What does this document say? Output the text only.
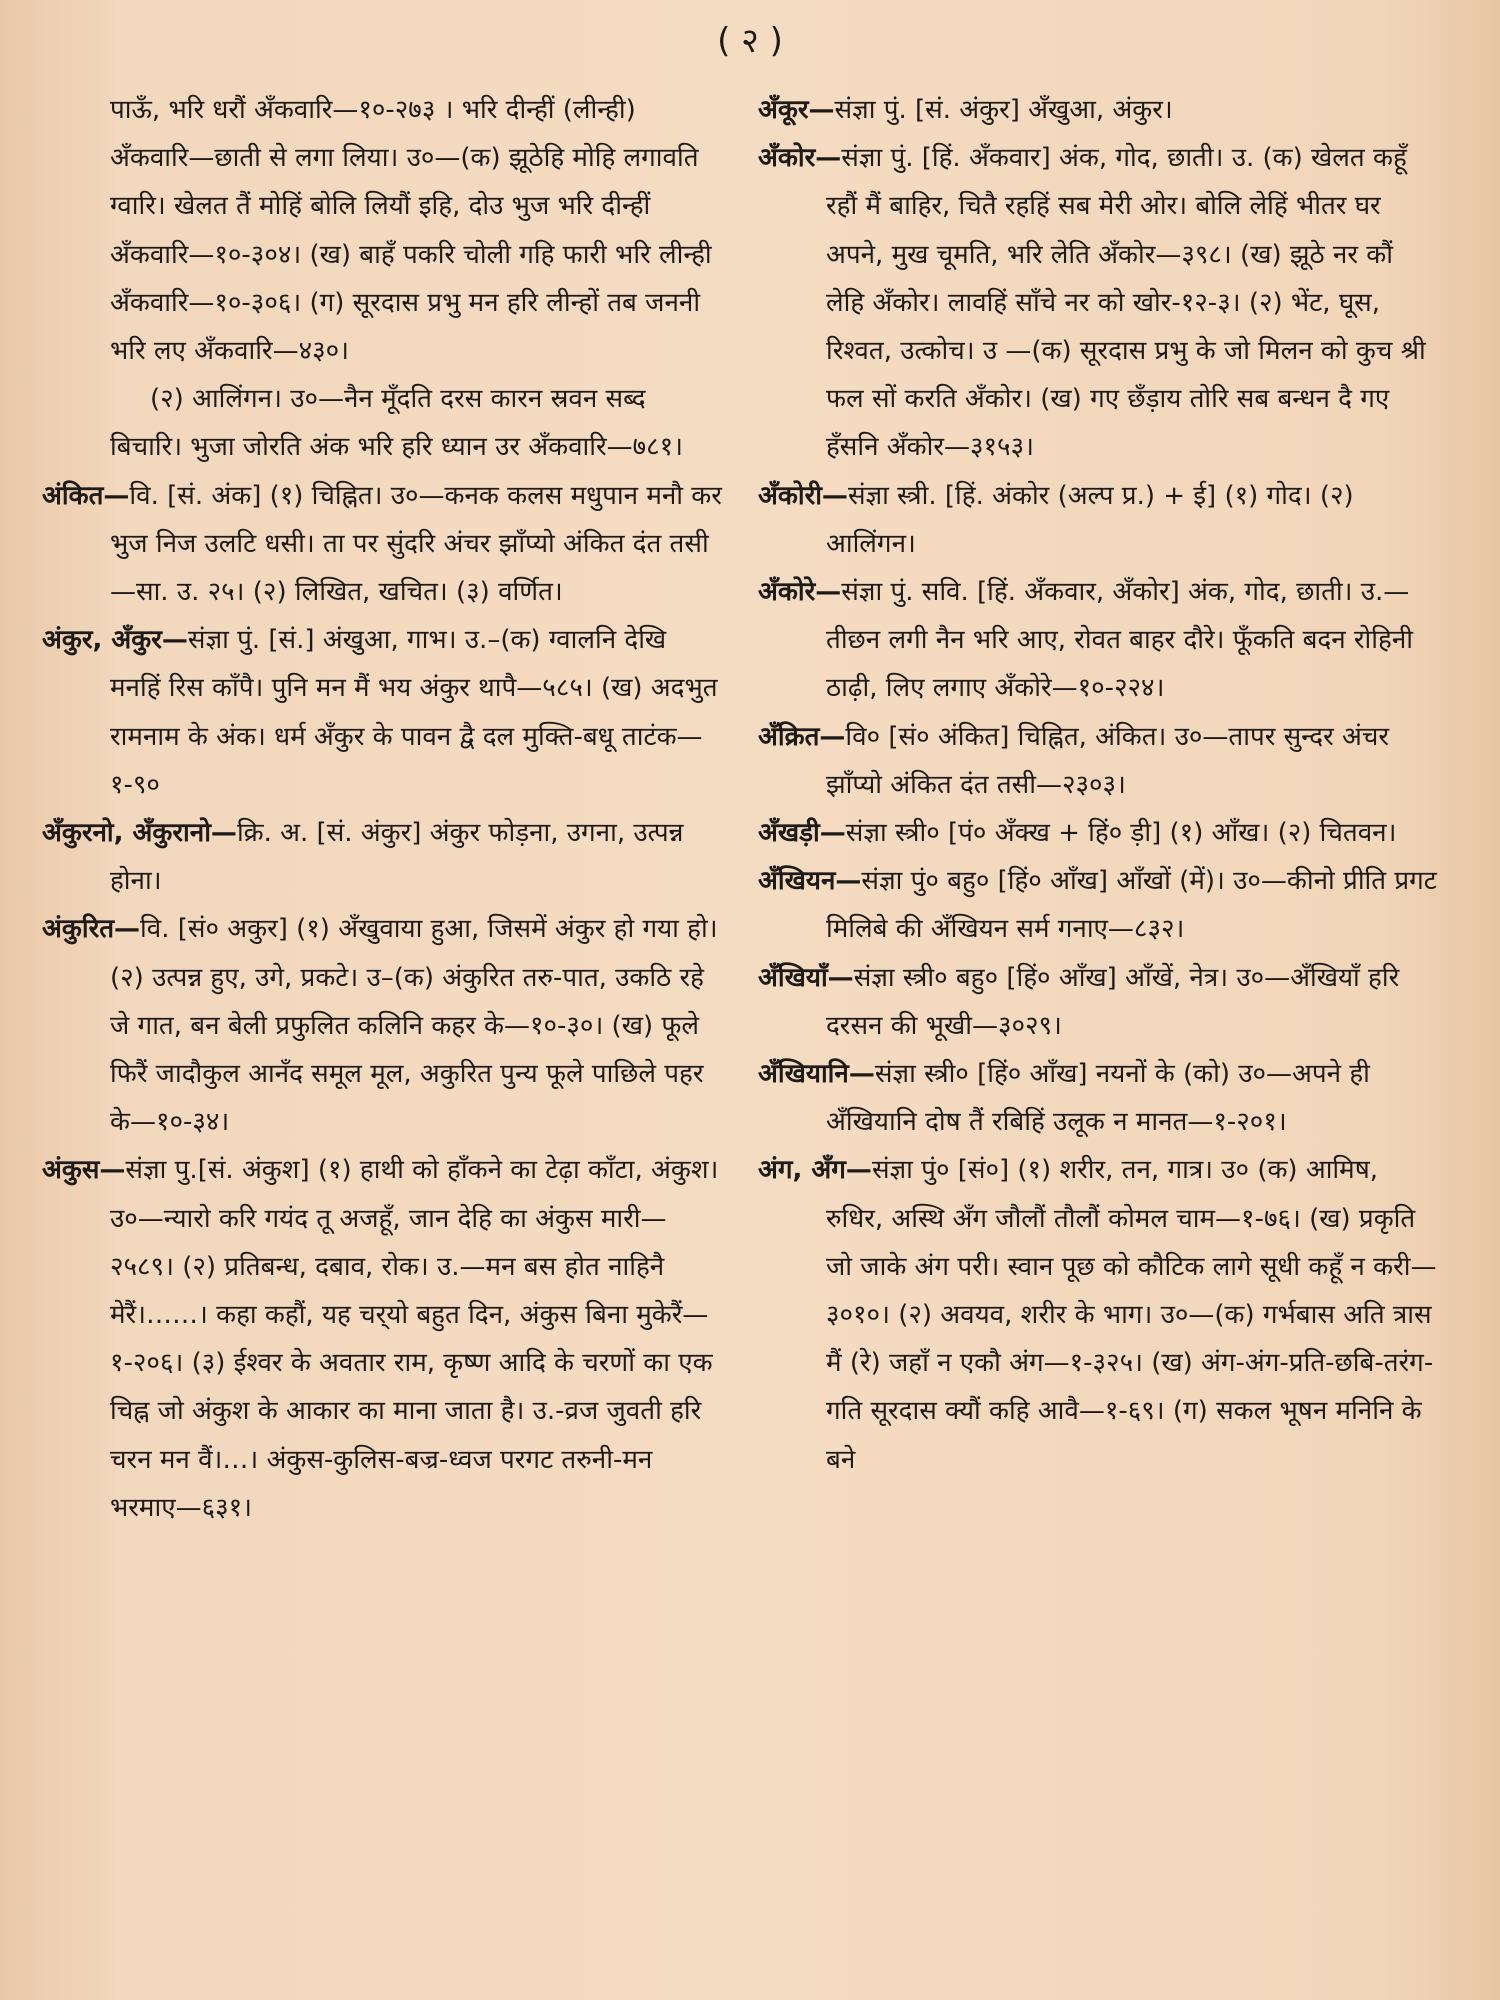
( २ )
पाऊँ, भरि धरौं अँकवारि—१०-२७३ । भरि दीन्हीं (लीन्ही) अँकवारि—छाती से लगा लिया। उ०—(क) झूठेहि मोहि लगावति ग्वारि। खेलत तैं मोहिं बोलि लियौं इहि, दोउ भुज भरि दीन्हीं अँकवारि—१०-३०४। (ख) बाहँ पकरि चोली गहि फारी भरि लीन्ही अँकवारि—१०-३०६। (ग) सूरदास प्रभु मन हरि लीन्हों तब जननी भरि लए अँकवारि—४३०।
(२) आलिंगन। उ०—नैन मूँदति दरस कारन स्रवन सब्द बिचारि। भुजा जोरति अंक भरि हरि ध्यान उर अँकवारि—७८१।
अंकित—वि. [सं. अंक] (१) चिह्नित। उ०—कनक कलस मधुपान मनौ कर भुज निज उलटि धसी। ता पर सुंदरि अंचर झाँप्यो अंकित दंत तसी—सा. उ. २५। (२) लिखित, खचित। (३) वर्णित।
अंकुर, अँकुर—संज्ञा पुं. [सं.] अंखुआ, गाभ। उ.–(क) ग्वालनि देखि मनहिं रिस काँपै। पुनि मन मैं भय अंकुर थापै—५८५। (ख) अदभुत रामनाम के अंक। धर्म अँकुर के पावन द्वै दल मुक्ति-बधू ताटंक—१-९०
अँकुरनो, अँकुरानो—क्रि. अ. [सं. अंकुर] अंकुर फोड़ना, उगना, उत्पन्न होना।
अंकुरित—वि. [सं० अकुर] (१) अँखुवाया हुआ, जिसमें अंकुर हो गया हो। (२) उत्पन्न हुए, उगे, प्रकटे। उ–(क) अंकुरित तरु-पात, उकठि रहे जे गात, बन बेली प्रफुलित कलिनि कहर के—१०-३०। (ख) फूले फिरैं जादौकुल आनँद समूल मूल, अकुरित पुन्य फूले पाछिले पहर के—१०-३४।
अंकुस—संज्ञा पु.[सं. अंकुश] (१) हाथी को हाँकने का टेढ़ा काँटा, अंकुश। उ०—न्यारो करि गयंद तू अजहूँ, जान देहि का अंकुस मा‍री—२५८९। (२) प्रतिबन्ध, दबाव, रोक। उ.—मन बस होत नाहिनै मेरैं।……। कहा कहौं, यह चर्‌यो बहुत दिन, अंकुस बिना मुकेरैं—१-२०६। (३) ईश्वर के अवतार राम, कृष्ण आदि के चरणों का एक चिह्न जो अंकुश के आकार का माना जाता है। उ.-व्रज जुवती हरि चरन मन वैं।…। अंकुस-कुलिस-बज्र-ध्वज परगट तरुनी-मन भरमाए—६३१।
अँकूर—संज्ञा पुं. [सं. अंकुर] अँखुआ, अंकुर।
अँकोर—संज्ञा पुं. [हिं. अँकवार] अंक, गोद, छाती। उ. (क) खेलत कहूँ रहौं मैं बाहिर, चितै रहहिं सब मेरी ओर। बोलि लेहिं भीतर घर अपने, मुख चूमति, भरि लेति अँकोर—३९८। (ख) झूठे नर कौं लेहि अँकोर। लावहिं साँचे नर को खोर-१२-३। (२) भेंट, घूस, रिश्वत, उत्कोच। उ —(क) सूरदास प्रभु के जो मिलन को कुच श्री फल सों करति अँकोर। (ख) गए छँड़ाय तोरि सब बन्धन दै गए हँसनि अँकोर—३१५३।
अँकोरी—संज्ञा स्त्री. [हिं. अंकोर (अल्प प्र.) + ई] (१) गोद। (२) आलिंगन।
अँकोरे—संज्ञा पुं. सवि. [हिं. अँकवार, अँकोर] अंक, गोद, छाती। उ.—तीछन लगी नैन भरि आए, रोवत बाहर दौरे। फूँकति बदन रोहिनी ठाढ़ी, लिए लगाए अँकोरे—१०-२२४।
अँक्रित—वि० [सं० अंकित] चिह्नित, अंकित। उ०—तापर सुन्दर अंचर झाँप्यो अंकित दंत तसी—२३०३।
अँखड़ी—संज्ञा स्त्री० [पं० अँक्ख + हिं० ड़ी] (१) आँख। (२) चितवन।
अँखियन—संज्ञा पुं० बहु० [हिं० आँख] आँखों (में)। उ०—कीनो प्रीति प्रगट मिलिबे की अँखियन सर्म गनाए—८३२।
अँखियाँ—संज्ञा स्त्री० बहु० [हिं० आँख] आँखें, नेत्र। उ०—अँखियाँ हरि दरसन की भूखी—३०२९।
अँखियानि—संज्ञा स्त्री० [हिं० आँख] नयनों के (को) उ०—अपने ही अँखियानि दोष तैं रबिहिं उलूक न मानत—१-२०१।
अंग, अँग—संज्ञा पुं० [सं०] (१) शरीर, तन, गात्र। उ० (क) आमिष, रुधिर, अस्थि अँग जौलौं तौलौं कोमल चाम—१-७६। (ख) प्रकृति जो जाके अंग परी। स्वान पूछ को कौटिक लागे सूधी कहूँ न करी—३०१०। (२) अवयव, शरीर के भाग। उ०—(क) गर्भबास अति त्रास मैं (रे) जहाँ न एकौ अंग—१-३२५। (ख) अंग-अंग-प्रति-छबि-तरंग-गति सूरदास क्यौं कहि आवै—१-६९। (ग) सकल भूषन मनिनि के बने
